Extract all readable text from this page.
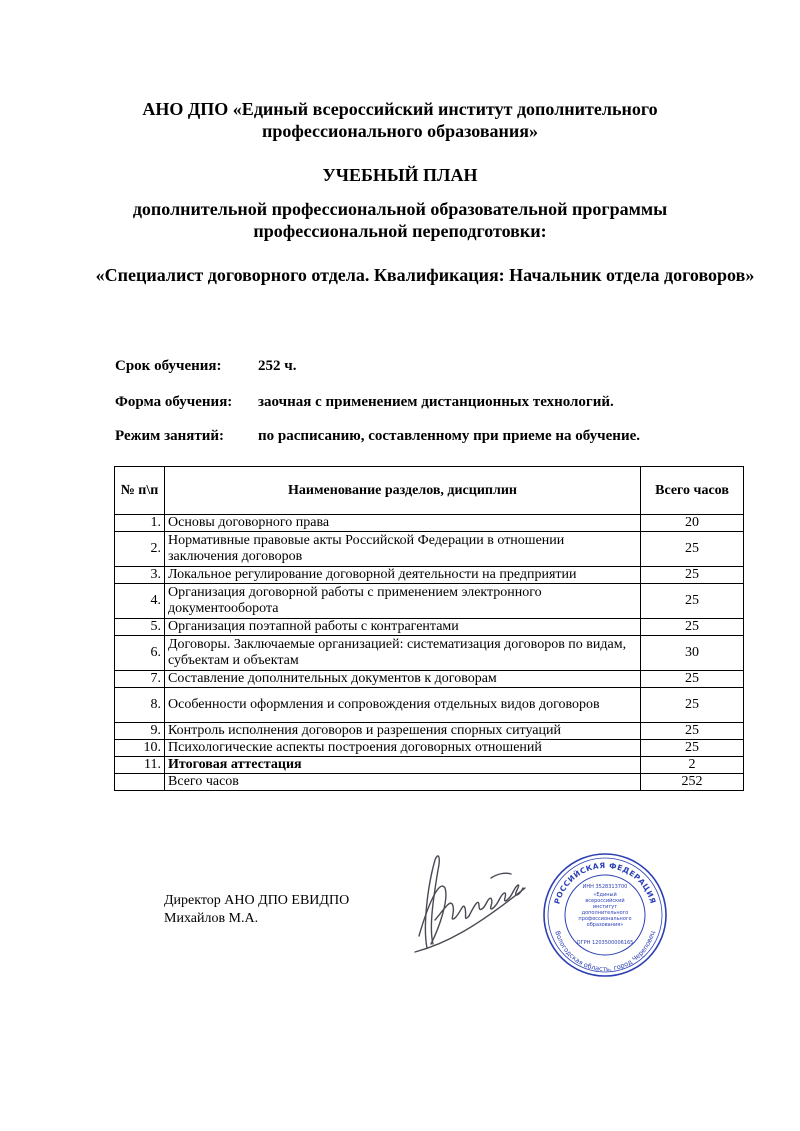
АНО ДПО «Единый всероссийский институт дополнительного профессионального образования»
УЧЕБНЫЙ ПЛАН
дополнительной профессиональной образовательной программы профессиональной переподготовки:
«Специалист договорного отдела. Квалификация: Начальник отдела договоров»
Срок обучения: 252 ч.
Форма обучения: заочная с применением дистанционных технологий.
Режим занятий: по расписанию, составленному при приеме на обучение.
№ п\п	Наименование разделов, дисциплин	Всего часов
1.	Основы договорного права	20
2.	Нормативные правовые акты Российской Федерации в отношении заключения договоров	25
3.	Локальное регулирование договорной деятельности на предприятии	25
4.	Организация договорной работы с применением электронного документооборота	25
5.	Организация поэтапной работы с контрагентами	25
6.	Договоры. Заключаемые организацией: систематизация договоров по видам, субъектам и объектам	30
7.	Составление дополнительных документов к договорам	25
8.	Особенности оформления и сопровождения отдельных видов договоров	25
9.	Контроль исполнения договоров и разрешения спорных ситуаций	25
10.	Психологические аспекты построения договорных отношений	25
11.	Итоговая аттестация	2
	Всего часов	252
Директор АНО ДПО ЕВИДПО
Михайлов М.А.
РОССИЙСКАЯ ФЕДЕРАЦИЯ
Вологодская область, город Череповец
ИНН 3528313700
«Единый всероссийский институт дополнительного профессионального образования»
ОГРН 1203500006165
